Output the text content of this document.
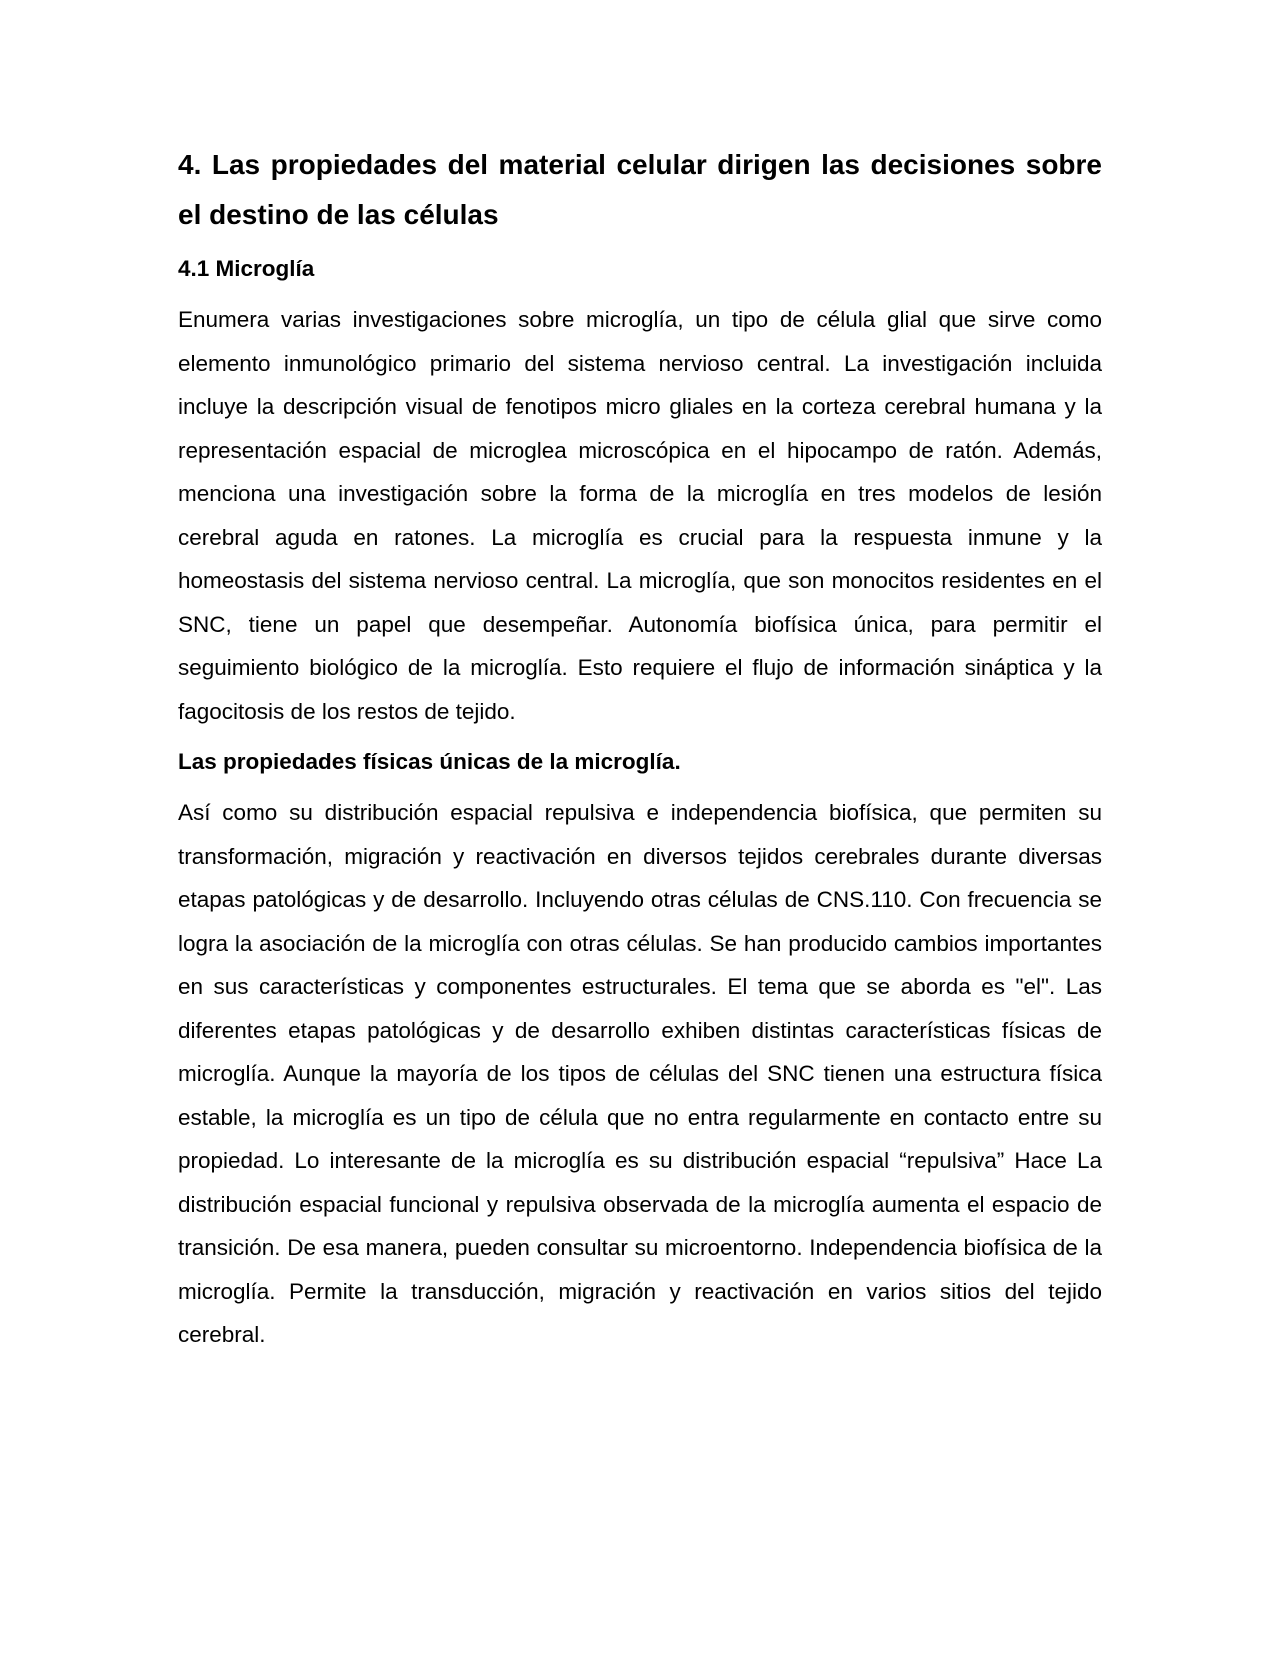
4. Las propiedades del material celular dirigen las decisiones sobre el destino de las células
4.1 Microglía

Enumera varias investigaciones sobre microglía, un tipo de célula glial que sirve como elemento inmunológico primario del sistema nervioso central. La investigación incluida incluye la descripción visual de fenotipos micro gliales en la corteza cerebral humana y la representación espacial de microglea microscópica en el hipocampo de ratón. Además, menciona una investigación sobre la forma de la microglía en tres modelos de lesión cerebral aguda en ratones. La microglía es crucial para la respuesta inmune y la homeostasis del sistema nervioso central. La microglía, que son monocitos residentes en el SNC, tiene un papel que desempeñar. Autonomía biofísica única, para permitir el seguimiento biológico de la microglía. Esto requiere el flujo de información sináptica y la fagocitosis de los restos de tejido.

Las propiedades físicas únicas de la microglía.

Así como su distribución espacial repulsiva e independencia biofísica, que permiten su transformación, migración y reactivación en diversos tejidos cerebrales durante diversas etapas patológicas y de desarrollo. Incluyendo otras células de CNS.110. Con frecuencia se logra la asociación de la microglía con otras células. Se han producido cambios importantes en sus características y componentes estructurales. El tema que se aborda es "el". Las diferentes etapas patológicas y de desarrollo exhiben distintas características físicas de microglía. Aunque la mayoría de los tipos de células del SNC tienen una estructura física estable, la microglía es un tipo de célula que no entra regularmente en contacto entre su propiedad. Lo interesante de la microglía es su distribución espacial “repulsiva” Hace La distribución espacial funcional y repulsiva observada de la microglía aumenta el espacio de transición. De esa manera, pueden consultar su microentorno. Independencia biofísica de la microglía. Permite la transducción, migración y reactivación en varios sitios del tejido cerebral.
